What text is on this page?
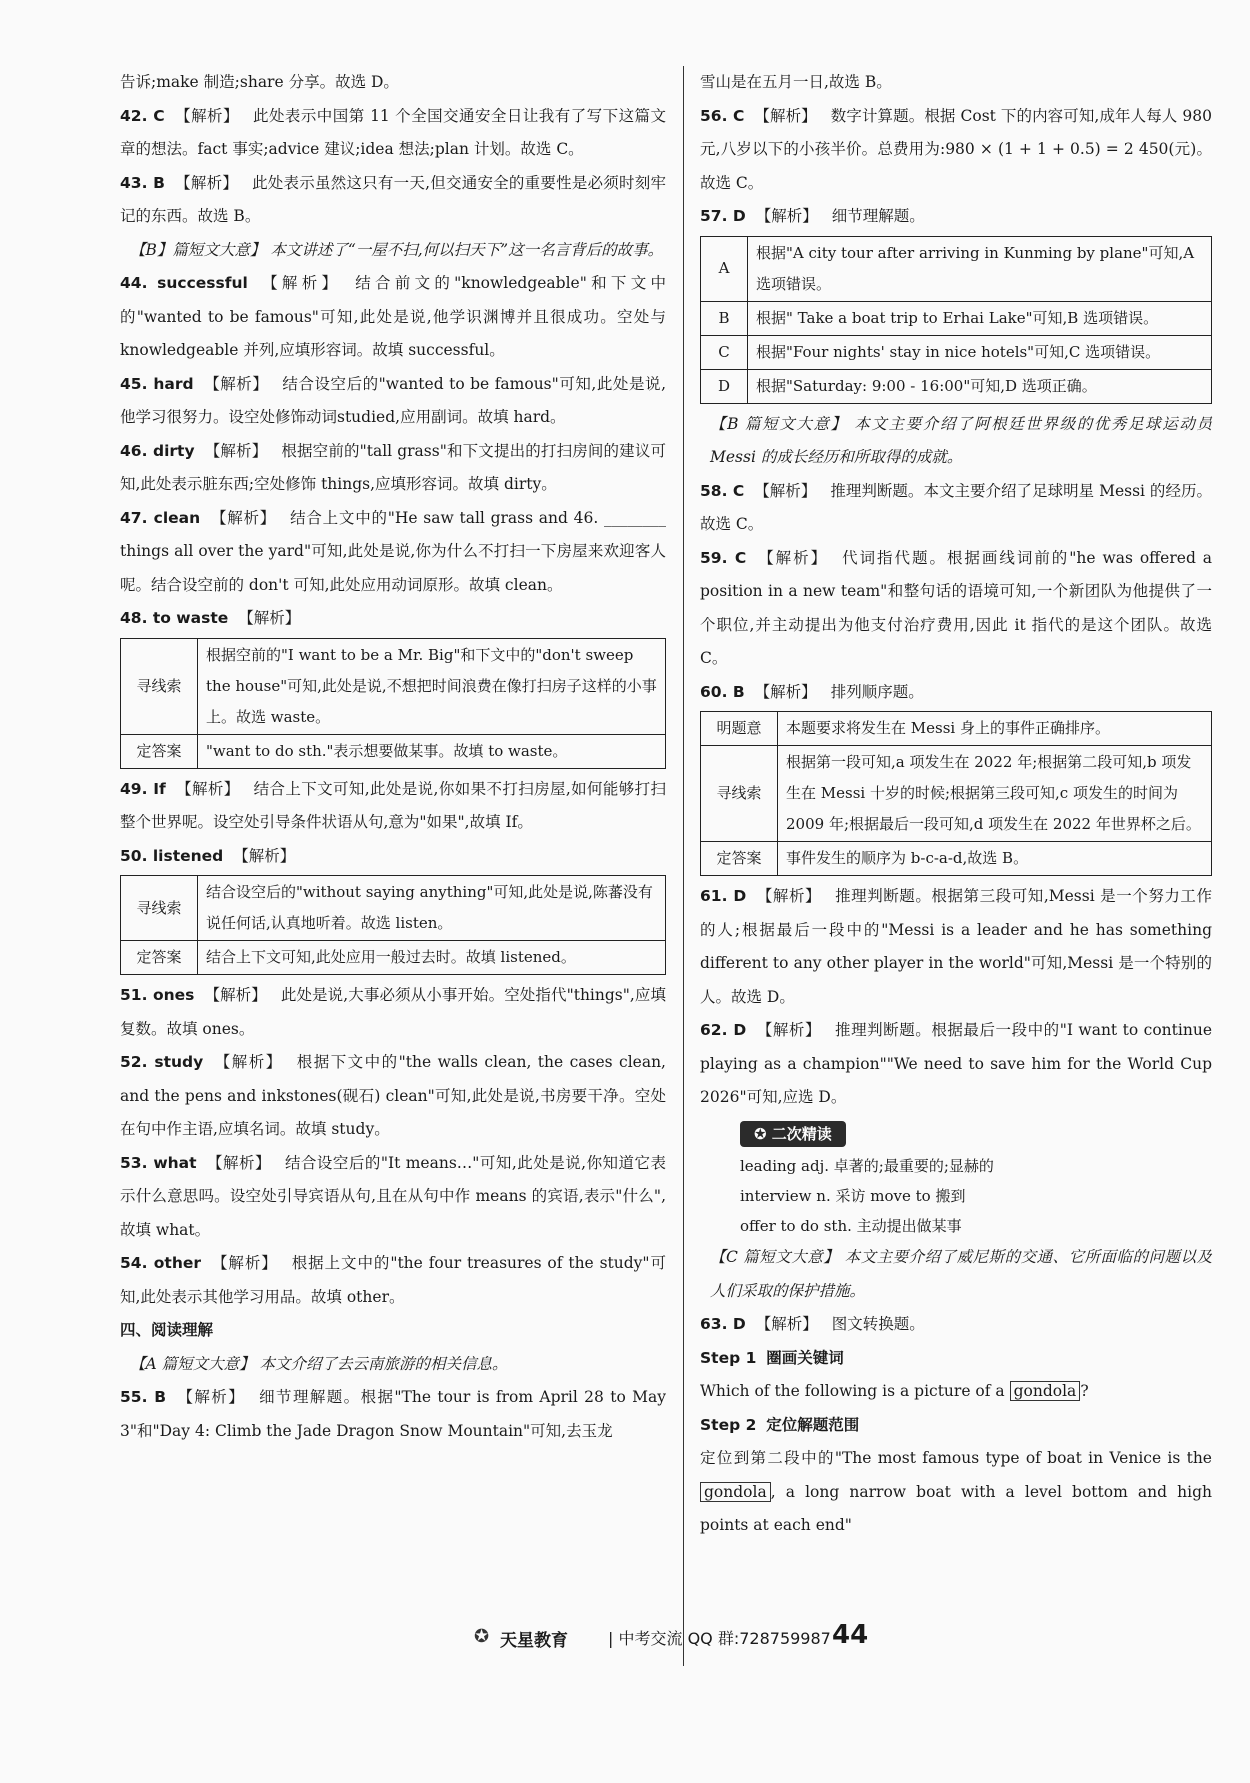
告诉;make 制造;share 分享。故选 D。

42. C 【解析】 此处表示中国第 11 个全国交通安全日让我有了写下这篇文章的想法。fact 事实;advice 建议;idea 想法;plan 计划。故选 C。

43. B 【解析】 此处表示虽然这只有一天,但交通安全的重要性是必须时刻牢记的东西。故选 B。

【B】篇短文大意】 本文讲述了“一屋不扫,何以扫天下”这一名言背后的故事。

44. successful 【解析】 结合前文的"knowledgeable"和下文中的"wanted to be famous"可知,此处是说,他学识渊博并且很成功。空处与 knowledgeable 并列,应填形容词。故填 successful。

45. hard 【解析】 结合设空后的"wanted to be famous"可知,此处是说,他学习很努力。设空处修饰动词studied,应用副词。故填 hard。

46. dirty 【解析】 根据空前的"tall grass"和下文提出的打扫房间的建议可知,此处表示脏东西;空处修饰 things,应填形容词。故填 dirty。

47. clean 【解析】 结合上文中的"He saw tall grass and 46. ________ things all over the yard"可知,此处是说,你为什么不打扫一下房屋来欢迎客人呢。结合设空前的 don't 可知,此处应用动词原形。故填 clean。

48. to waste 【解析】

寻线索	根据空前的"I want to be a Mr. Big"和下文中的"don't sweep the house"可知,此处是说,不想把时间浪费在像打扫房子这样的小事上。故选 waste。
定答案	"want to do sth."表示想要做某事。故填 to waste。

49. If 【解析】 结合上下文可知,此处是说,你如果不打扫房屋,如何能够打扫整个世界呢。设空处引导条件状语从句,意为"如果",故填 If。

50. listened 【解析】

寻线索	结合设空后的"without saying anything"可知,此处是说,陈蕃没有说任何话,认真地听着。故选 listen。
定答案	结合上下文可知,此处应用一般过去时。故填 listened。

51. ones 【解析】 此处是说,大事必须从小事开始。空处指代"things",应填复数。故填 ones。

52. study 【解析】 根据下文中的"the walls clean, the cases clean, and the pens and inkstones(砚石) clean"可知,此处是说,书房要干净。空处在句中作主语,应填名词。故填 study。

53. what 【解析】 结合设空后的"It means…"可知,此处是说,你知道它表示什么意思吗。设空处引导宾语从句,且在从句中作 means 的宾语,表示"什么",故填 what。

54. other 【解析】 根据上文中的"the four treasures of the study"可知,此处表示其他学习用品。故填 other。

四、阅读理解

【A 篇短文大意】 本文介绍了去云南旅游的相关信息。

55. B 【解析】 细节理解题。根据"The tour is from April 28 to May 3"和"Day 4: Climb the Jade Dragon Snow Mountain"可知,去玉龙

雪山是在五月一日,故选 B。

56. C 【解析】 数字计算题。根据 Cost 下的内容可知,成年人每人 980 元,八岁以下的小孩半价。总费用为:980 × (1 + 1 + 0.5) = 2 450(元)。故选 C。

57. D 【解析】 细节理解题。

A	根据"A city tour after arriving in Kunming by plane"可知,A 选项错误。
B	根据" Take a boat trip to Erhai Lake"可知,B 选项错误。
C	根据"Four nights' stay in nice hotels"可知,C 选项错误。
D	根据"Saturday: 9:00 - 16:00"可知,D 选项正确。

【B 篇短文大意】 本文主要介绍了阿根廷世界级的优秀足球运动员 Messi 的成长经历和所取得的成就。

58. C 【解析】 推理判断题。本文主要介绍了足球明星 Messi 的经历。故选 C。

59. C 【解析】 代词指代题。根据画线词前的"he was offered a position in a new team"和整句话的语境可知,一个新团队为他提供了一个职位,并主动提出为他支付治疗费用,因此 it 指代的是这个团队。故选 C。

60. B 【解析】 排列顺序题。

明题意	本题要求将发生在 Messi 身上的事件正确排序。
寻线索	根据第一段可知,a 项发生在 2022 年;根据第二段可知,b 项发生在 Messi 十岁的时候;根据第三段可知,c 项发生的时间为 2009 年;根据最后一段可知,d 项发生在 2022 年世界杯之后。
定答案	事件发生的顺序为 b-c-a-d,故选 B。

61. D 【解析】 推理判断题。根据第三段可知,Messi 是一个努力工作的人;根据最后一段中的"Messi is a leader and he has something different to any other player in the world"可知,Messi 是一个特别的人。故选 D。

62. D 【解析】 推理判断题。根据最后一段中的"I want to continue playing as a champion""We need to save him for the World Cup 2026"可知,应选 D。

✪ 二次精读
leading adj. 卓著的;最重要的;显赫的
interview n. 采访 move to 搬到
offer to do sth. 主动提出做某事

【C 篇短文大意】 本文主要介绍了威尼斯的交通、它所面临的问题以及人们采取的保护措施。

63. D 【解析】 图文转换题。

Step 1 圈画关键词

Which of the following is a picture of a gondola ?

Step 2 定位解题范围

定位到第二段中的"The most famous type of boat in Venice is the gondola , a long narrow boat with a level bottom and high points at each end"

✪ 天星教育	| 中考交流 QQ 群:728759987 44
